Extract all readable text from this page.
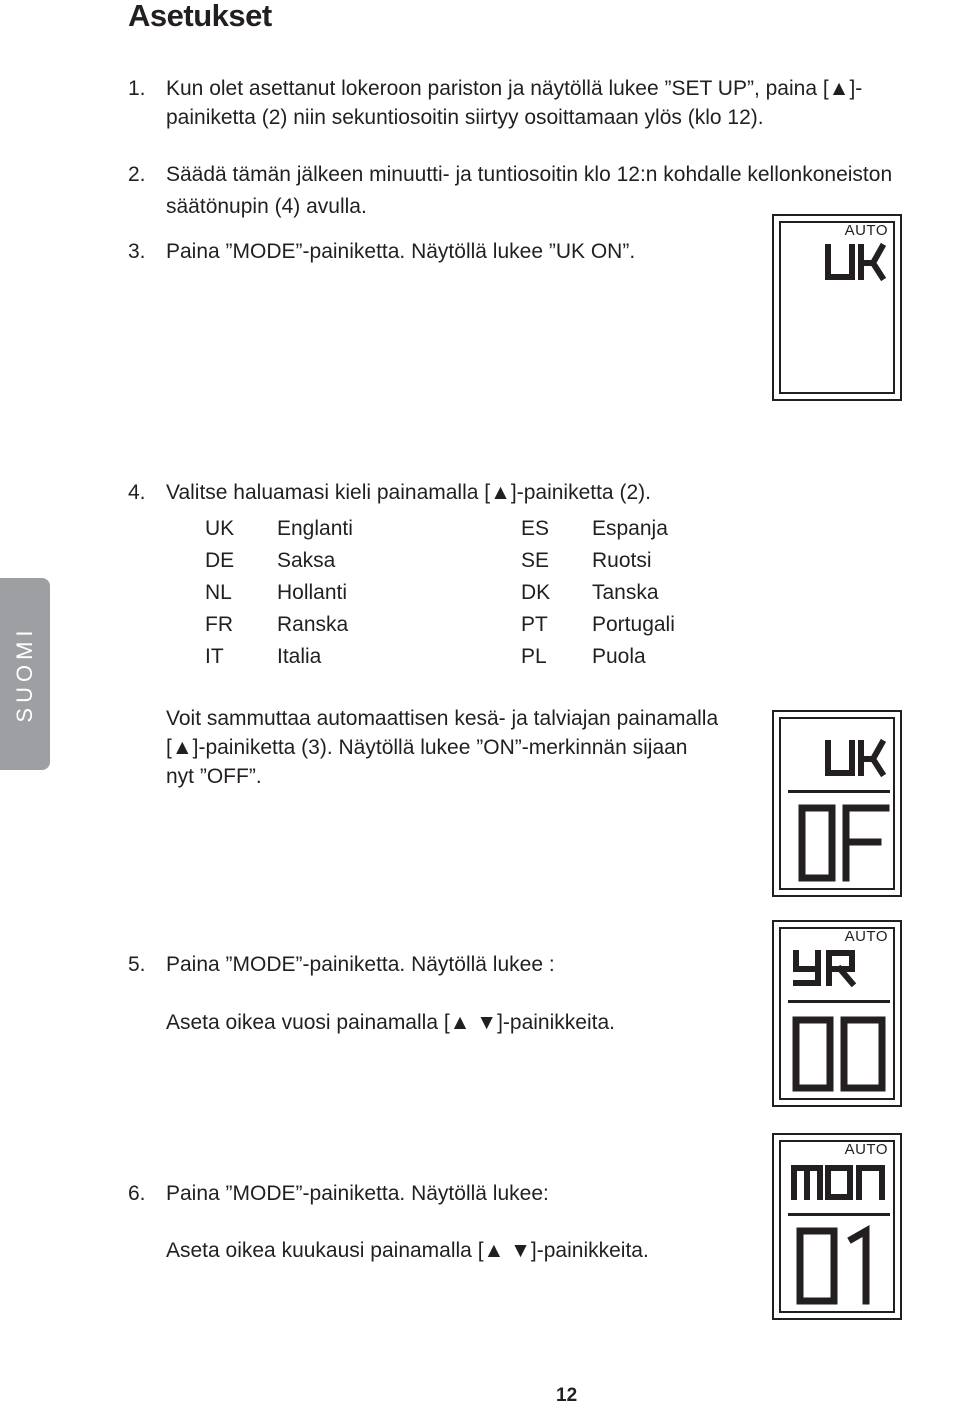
Asetukset
SUOMI
1. Kun olet asettanut lokeroon pariston ja näytöllä lukee ”SET UP”, paina [▲]-
painiketta (2) niin sekuntiosoitin siirtyy osoittamaan ylös (klo 12).
2. Säädä tämän jälkeen minuutti- ja tuntiosoitin klo 12:n kohdalle kellonkoneiston
säätönupin (4) avulla.
3. Paina ”MODE”-painiketta. Näytöllä lukee ”UK ON”.
AUTO
4. Valitse haluamasi kieli painamalla [▲]-painiketta (2).
UK Englanti
DE Saksa
NL Hollanti
FR Ranska
IT	Italia
ES Espanja
SE Ruotsi
DK Tanska
PT Portugali
PL Puola
Voit sammuttaa automaattisen kesä- ja talviajan painamalla
[▲]-painiketta (3). Näytöllä lukee ”ON”-merkinnän sijaan
nyt ”OFF”.
5. Paina ”MODE”-painiketta. Näytöllä lukee :
Aseta oikea vuosi painamalla [▲ ▼]-painikkeita.
AUTO
6. Paina ”MODE”-painiketta. Näytöllä lukee:
Aseta oikea kuukausi painamalla [▲ ▼]-painikkeita.
AUTO
12
